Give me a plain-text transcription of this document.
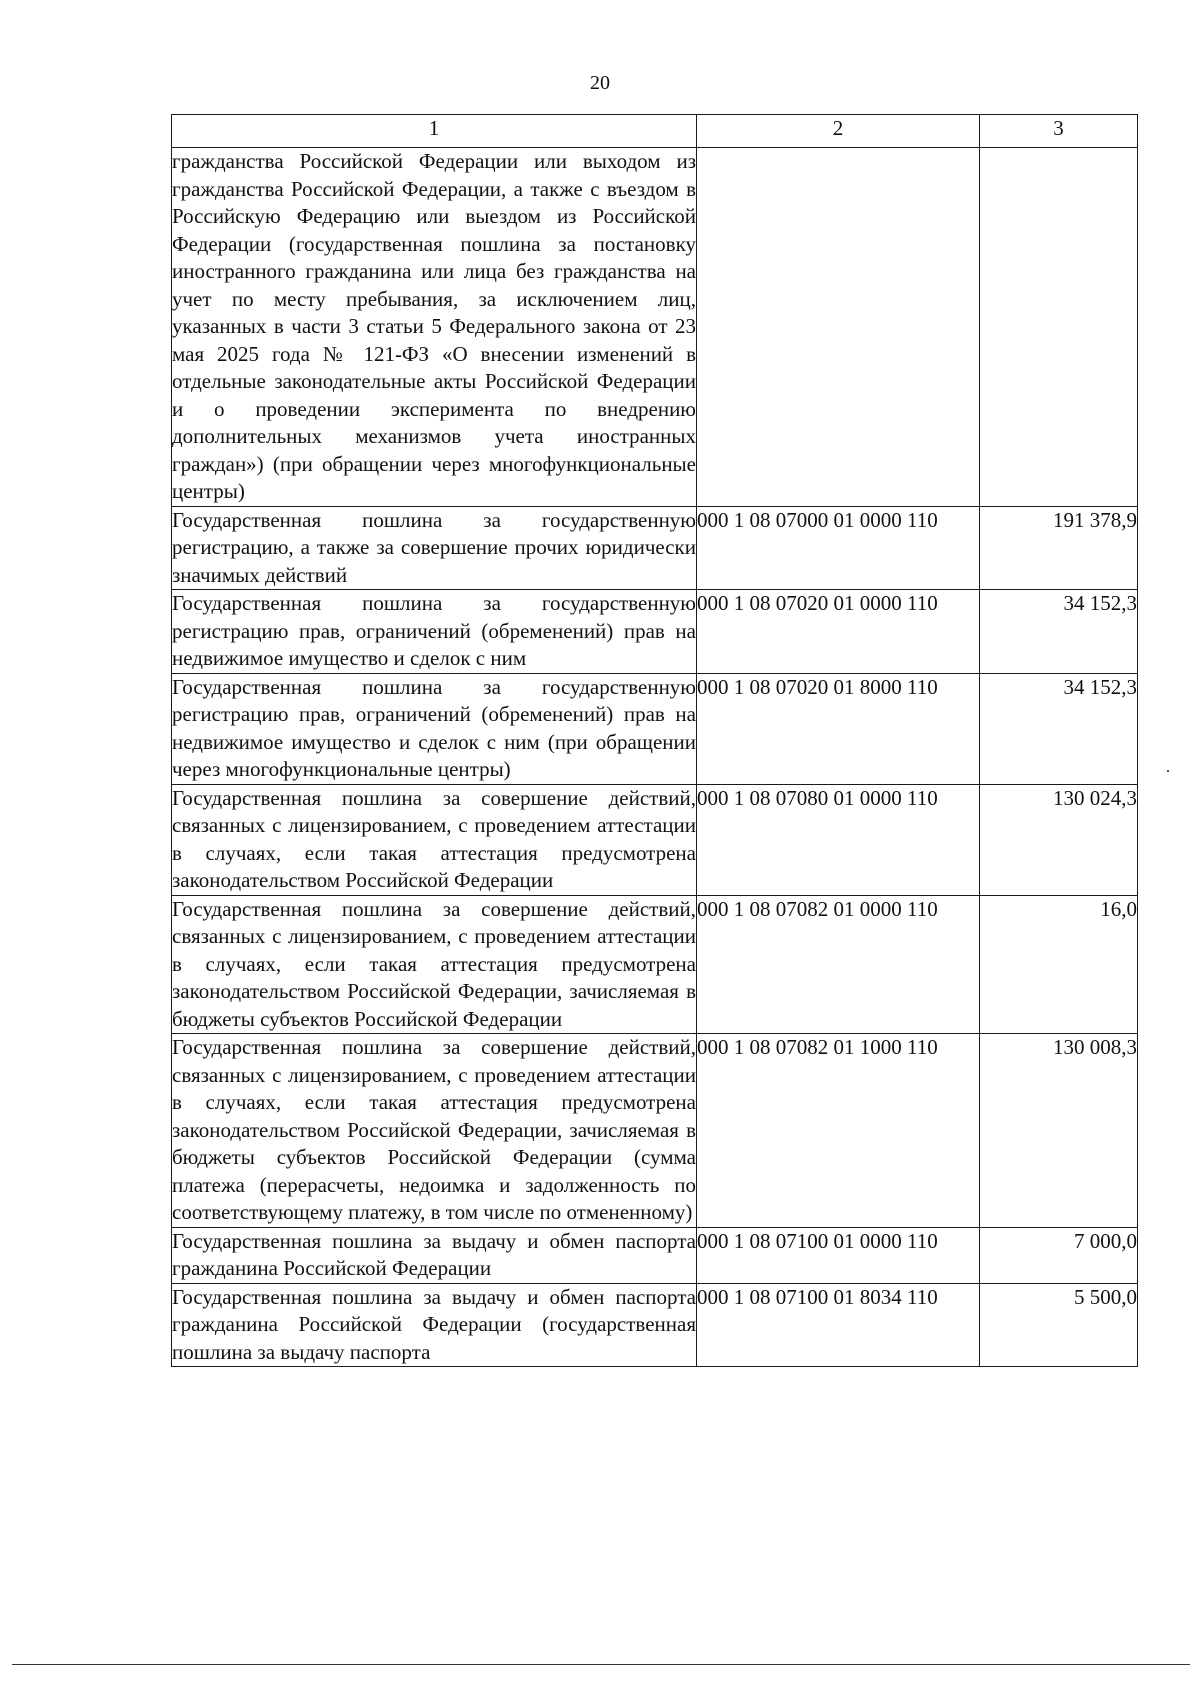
20
1	2	3
гражданства Российской Федерации или выходом из гражданства Российской Федерации, а также с въездом в Российскую Федерацию или выездом из Российской Федерации (государственная пошлина за постановку иностранного гражданина или лица без гражданства на учет по месту пребывания, за исключением лиц, указанных в части 3 статьи 5 Федерального закона от 23 мая 2025 года № 121-ФЗ «О внесении изменений в отдельные законодательные акты Российской Федерации и о проведении эксперимента по внедрению дополнительных механизмов учета иностранных граждан») (при обращении через многофункциональные центры)		
Государственная пошлина за государственную регистрацию, а также за совершение прочих юридически значимых действий	000 1 08 07000 01 0000 110	191 378,9
Государственная пошлина за государственную регистрацию прав, ограничений (обременений) прав на недвижимое имущество и сделок с ним	000 1 08 07020 01 0000 110	34 152,3
Государственная пошлина за государственную регистрацию прав, ограничений (обременений) прав на недвижимое имущество и сделок с ним (при обращении через многофункциональные центры)	000 1 08 07020 01 8000 110	34 152,3
Государственная пошлина за совершение действий, связанных с лицензированием, с проведением аттестации в случаях, если такая аттестация предусмотрена законодательством Российской Федерации	000 1 08 07080 01 0000 110	130 024,3
Государственная пошлина за совершение действий, связанных с лицензированием, с проведением аттестации в случаях, если такая аттестация предусмотрена законодательством Российской Федерации, зачисляемая в бюджеты субъектов Российской Федерации	000 1 08 07082 01 0000 110	16,0
Государственная пошлина за совершение действий, связанных с лицензированием, с проведением аттестации в случаях, если такая аттестация предусмотрена законодательством Российской Федерации, зачисляемая в бюджеты субъектов Российской Федерации (сумма платежа (перерасчеты, недоимка и задолженность по соответствующему платежу, в том числе по отмененному)	000 1 08 07082 01 1000 110	130 008,3
Государственная пошлина за выдачу и обмен паспорта гражданина Российской Федерации	000 1 08 07100 01 0000 110	7 000,0
Государственная пошлина за выдачу и обмен паспорта гражданина Российской Федерации (государственная пошлина за выдачу паспорта	000 1 08 07100 01 8034 110	5 500,0
